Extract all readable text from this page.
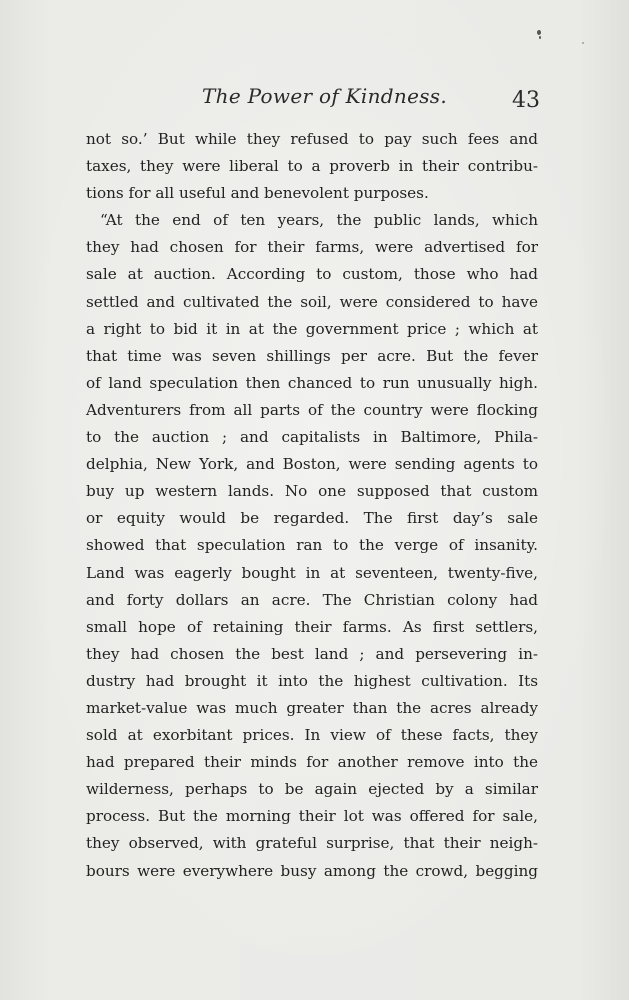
The Power of Kindness.	43
not so.’ But while they refused to pay such fees and
taxes, they were liberal to a proverb in their contribu-
tions for all useful and benevolent purposes.
“At the end of ten years, the public lands, which
they had chosen for their farms, were advertised for
sale at auction. According to custom, those who had
settled and cultivated the soil, were considered to have
a right to bid it in at the government price ; which at
that time was seven shillings per acre. But the fever
of land speculation then chanced to run unusually high.
Adventurers from all parts of the country were flocking
to the auction ; and capitalists in Baltimore, Phila-
delphia, New York, and Boston, were sending agents to
buy up western lands. No one supposed that custom
or equity would be regarded. The first day’s sale
showed that speculation ran to the verge of insanity.
Land was eagerly bought in at seventeen, twenty-five,
and forty dollars an acre. The Christian colony had
small hope of retaining their farms. As first settlers,
they had chosen the best land ; and persevering in-
dustry had brought it into the highest cultivation. Its
market-value was much greater than the acres already
sold at exorbitant prices. In view of these facts, they
had prepared their minds for another remove into the
wilderness, perhaps to be again ejected by a similar
process. But the morning their lot was offered for sale,
they observed, with grateful surprise, that their neigh-
bours were everywhere busy among the crowd, begging
